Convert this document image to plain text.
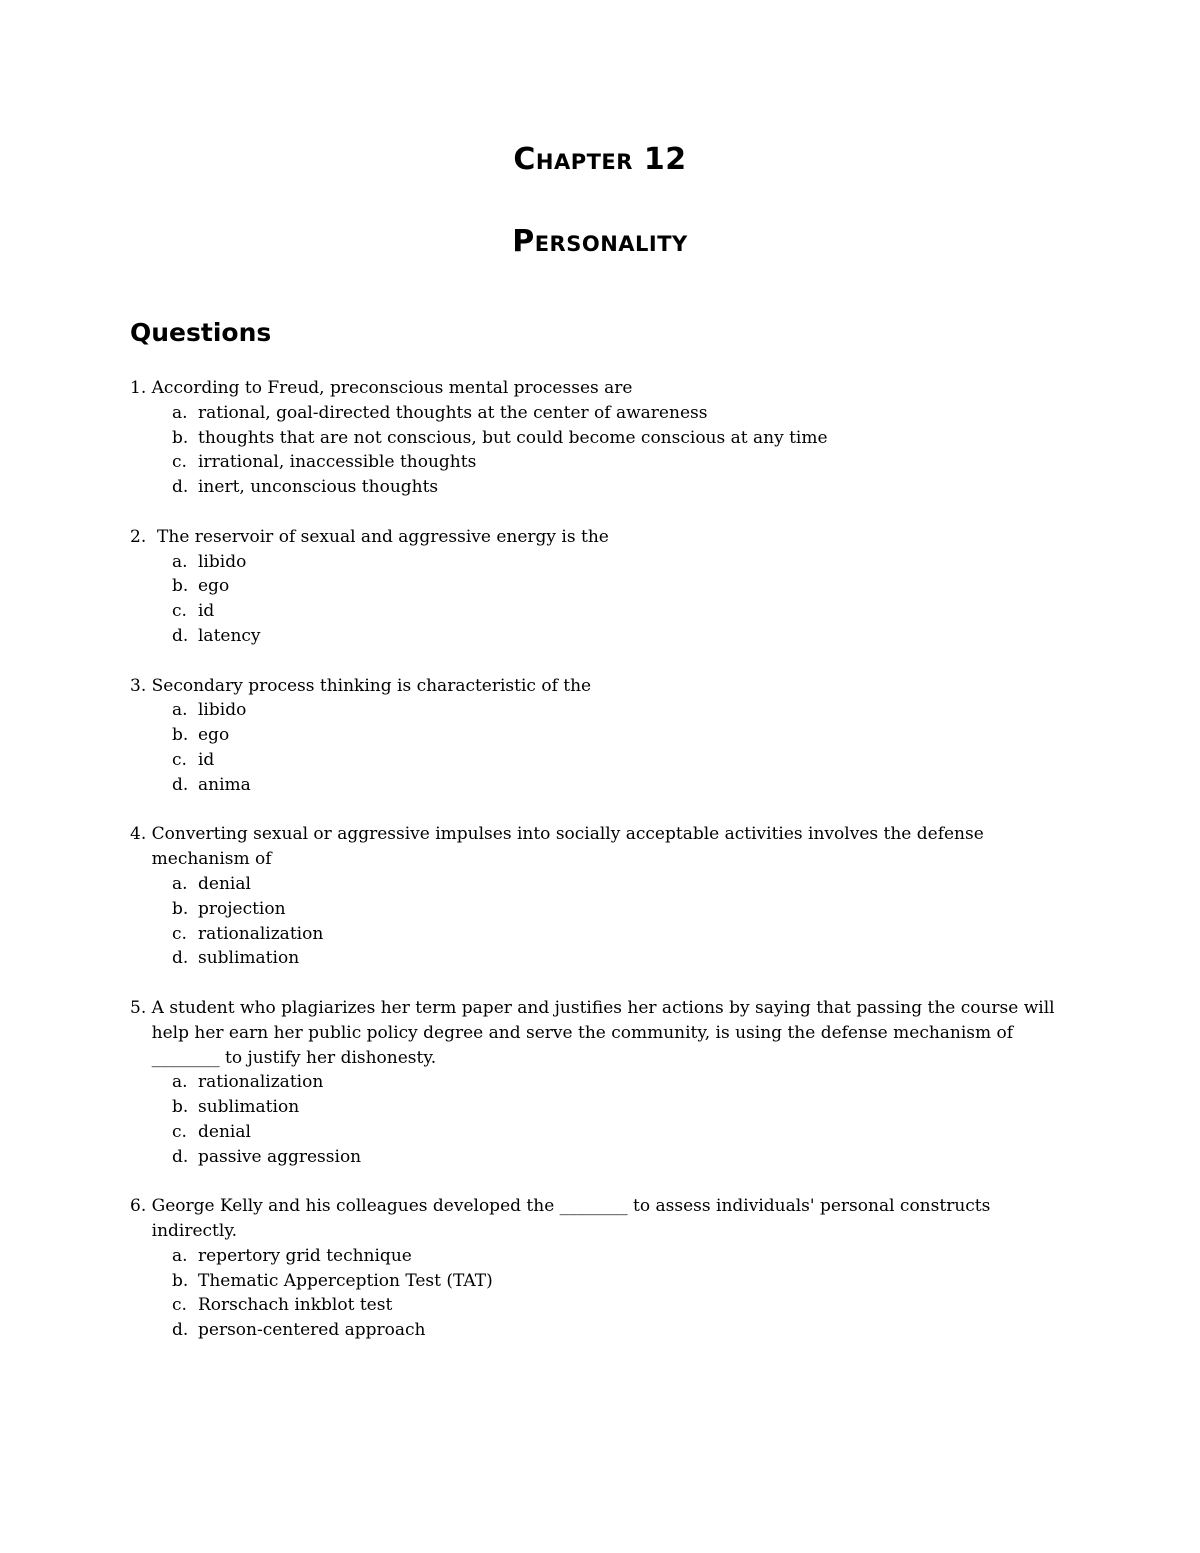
Chapter 12
Personality
Questions
1.
According to Freud, preconscious mental processes are
a. rational, goal-directed thoughts at the center of awareness
b. thoughts that are not conscious, but could become conscious at any time
c. irrational, inaccessible thoughts
d. inert, unconscious thoughts
2.
The reservoir of sexual and aggressive energy is the
a. libido
b. ego
c. id
d. latency
3.
Secondary process thinking is characteristic of the
a. libido
b. ego
c. id
d. anima
4.
Converting sexual or aggressive impulses into socially acceptable activities involves the defense mechanism of
a. denial
b. projection
c. rationalization
d. sublimation
5.
A student who plagiarizes her term paper and justifies her actions by saying that passing the course will help her earn her public policy degree and serve the community, is using the defense mechanism of ________ to justify her dishonesty.
a. rationalization
b. sublimation
c. denial
d. passive aggression
6.
George Kelly and his colleagues developed the ________ to assess individuals' personal constructs indirectly.
a. repertory grid technique
b. Thematic Apperception Test (TAT)
c. Rorschach inkblot test
d. person-centered approach
